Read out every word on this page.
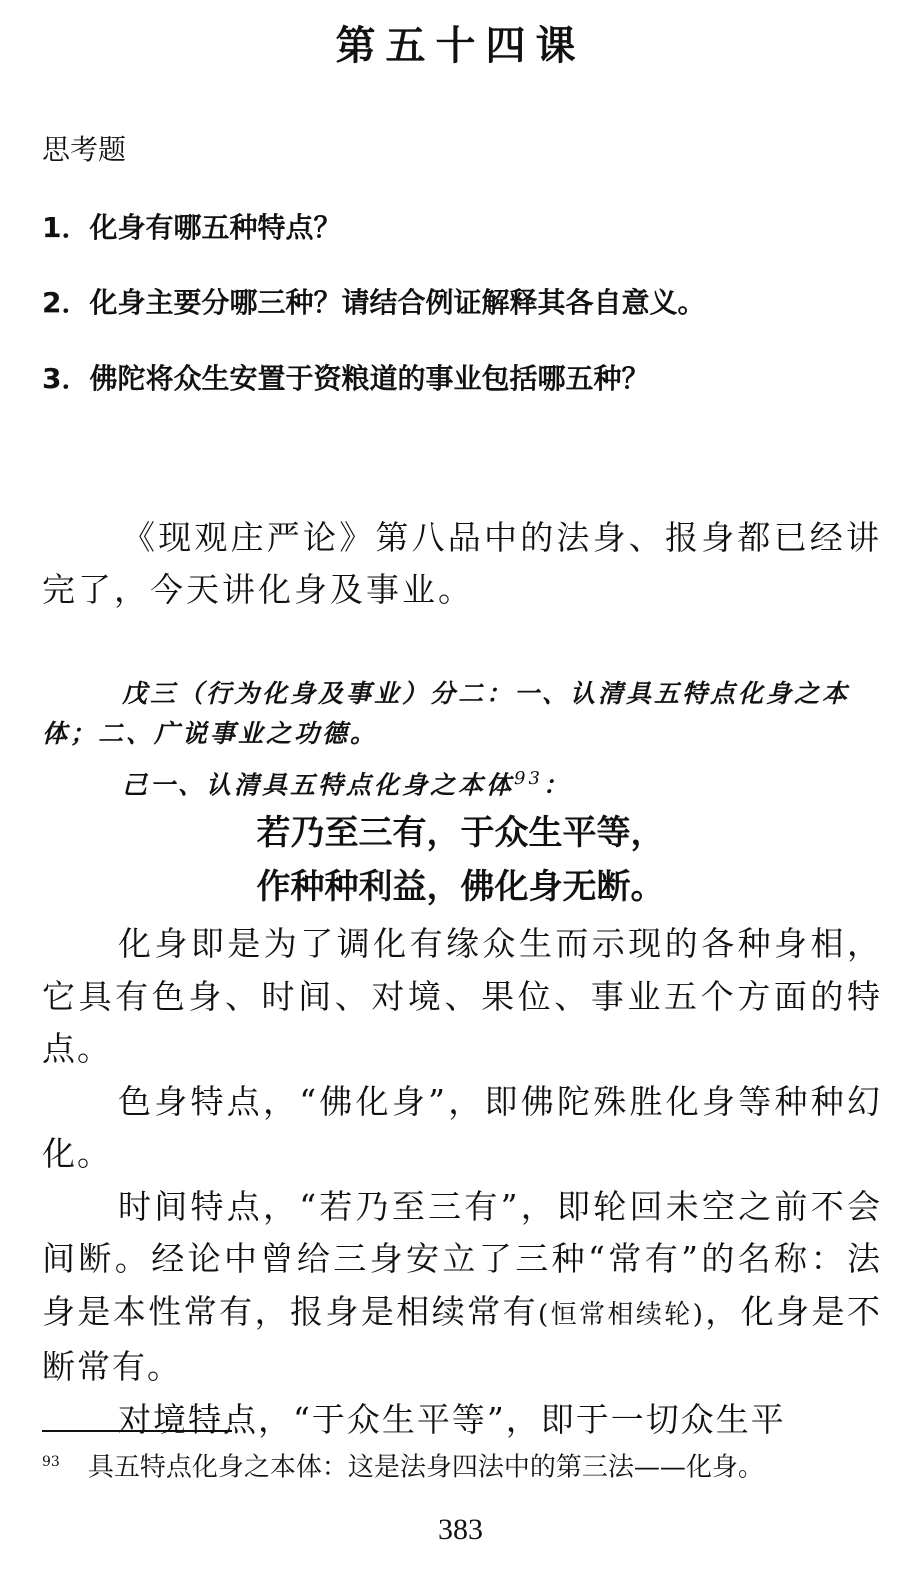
第五十四课
思考题
1．化身有哪五种特点？
2．化身主要分哪三种？请结合例证解释其各自意义。
3．佛陀将众生安置于资粮道的事业包括哪五种？
《现观庄严论》第八品中的法身、报身都已经讲完了，今天讲化身及事业。
戊三（行为化身及事业）分二：一、认清具五特点化身之本体；二、广说事业之功德。
己一、认清具五特点化身之本体$^{93}$：
若乃至三有，于众生平等，
作种种利益，佛化身无断。

化身即是为了调化有缘众生而示现的各种身相，它具有色身、时间、对境、果位、事业五个方面的特点。

色身特点，“佛化身”，即佛陀殊胜化身等种种幻化。

时间特点，“若乃至三有”，即轮回未空之前不会间断。经论中曾给三身安立了三种“常有”的名称：法身是本性常有，报身是相续常有(恒常相续轮)，化身是不断常有。

对境特点，“于众生平等”，即于一切众生平

$^{93}$ 具五特点化身之本体：这是法身四法中的第三法——化身。
383
